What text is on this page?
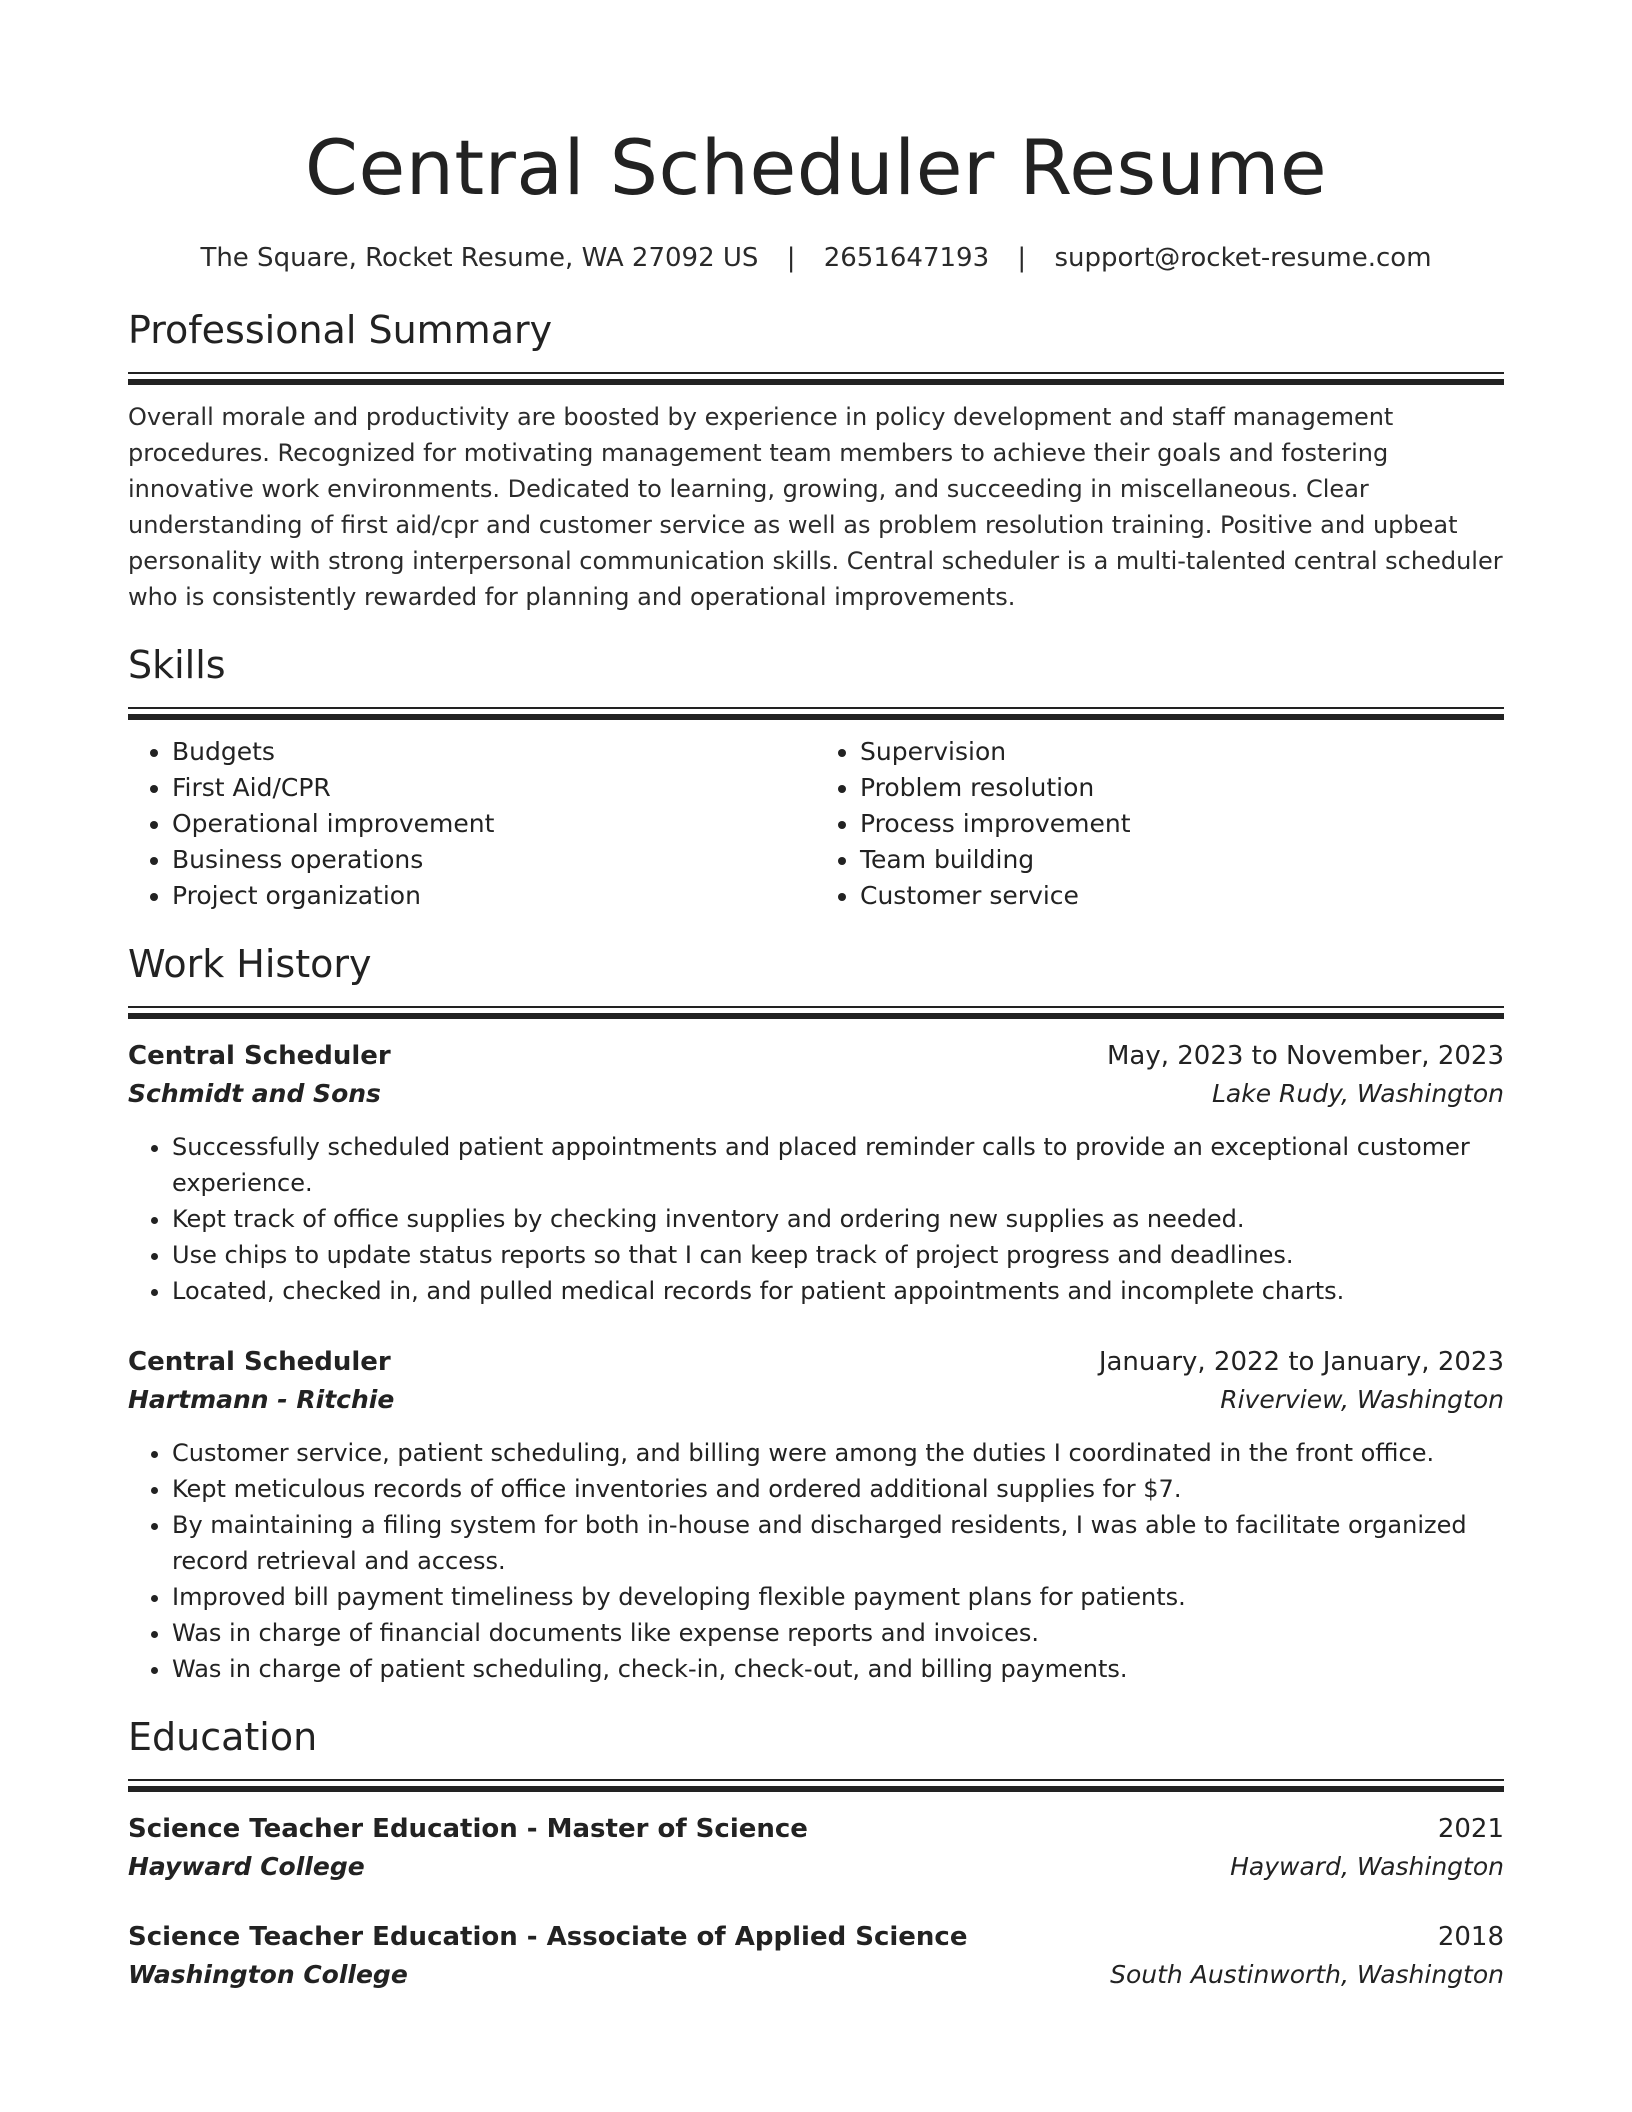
Central Scheduler Resume
The Square, Rocket Resume, WA 27092 US | 2651647193 | support@rocket-resume.com
Professional Summary

Overall morale and productivity are boosted by experience in policy development and staff management procedures. Recognized for motivating management team members to achieve their goals and fostering innovative work environments. Dedicated to learning, growing, and succeeding in miscellaneous. Clear understanding of first aid/cpr and customer service as well as problem resolution training. Positive and upbeat personality with strong interpersonal communication skills. Central scheduler is a multi-talented central scheduler who is consistently rewarded for planning and operational improvements.

Skills
• Budgets
• First Aid/CPR
• Operational improvement
• Business operations
• Project organization
• Supervision
• Problem resolution
• Process improvement
• Team building
• Customer service
Work History
Central Scheduler	May, 2023 to November, 2023
Schmidt and Sons	Lake Rudy, Washington
• Successfully scheduled patient appointments and placed reminder calls to provide an exceptional customer experience.
• Kept track of office supplies by checking inventory and ordering new supplies as needed.
• Use chips to update status reports so that I can keep track of project progress and deadlines.
• Located, checked in, and pulled medical records for patient appointments and incomplete charts.
Central Scheduler	January, 2022 to January, 2023
Hartmann - Ritchie	Riverview, Washington
• Customer service, patient scheduling, and billing were among the duties I coordinated in the front office.
• Kept meticulous records of office inventories and ordered additional supplies for $7.
• By maintaining a filing system for both in-house and discharged residents, I was able to facilitate organized record retrieval and access.
• Improved bill payment timeliness by developing flexible payment plans for patients.
• Was in charge of financial documents like expense reports and invoices.
• Was in charge of patient scheduling, check-in, check-out, and billing payments.
Education
Science Teacher Education - Master of Science	2021
Hayward College	Hayward, Washington
Science Teacher Education - Associate of Applied Science	2018
Washington College	South Austinworth, Washington
